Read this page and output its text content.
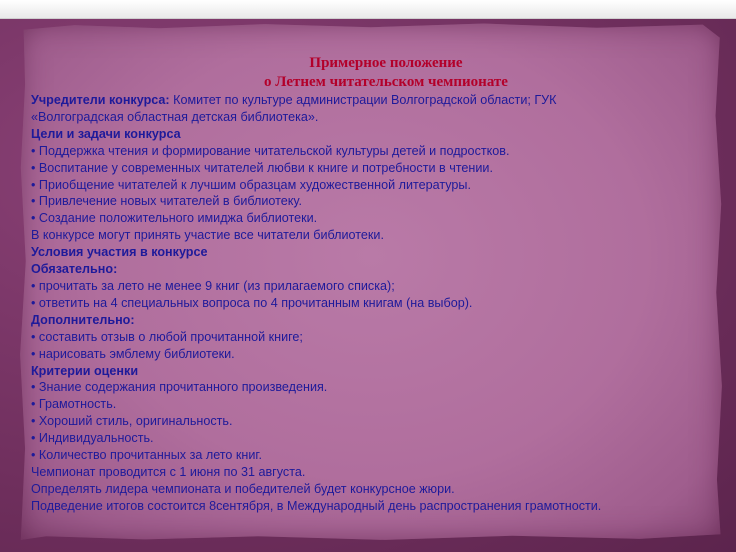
Примерное положение
о Летнем читательском чемпионате
Учредители конкурса: Комитет по культуре администрации Волгоградской области; ГУК
«Волгоградская областная детская библиотека».
Цели и задачи конкурса
• Поддержка чтения и формирование читательской культуры детей и подростков.
• Воспитание у современных читателей любви к книге и потребности в чтении.
• Приобщение читателей к лучшим образцам художественной литературы.
• Привлечение новых читателей в библиотеку.
• Создание положительного имиджа библиотеки.
В конкурсе могут принять участие все читатели библиотеки.
Условия участия в конкурсе
Обязательно:
• прочитать за лето не менее 9 книг (из прилагаемого списка);
• ответить на 4 специальных вопроса по 4 прочитанным книгам (на выбор).
Дополнительно:
• составить отзыв о любой прочитанной книге;
• нарисовать эмблему библиотеки.
Критерии оценки
• Знание содержания прочитанного произведения.
• Грамотность.
• Хороший стиль, оригинальность.
• Индивидуальность.
• Количество прочитанных за лето книг.
Чемпионат проводится с 1 июня по 31 августа.
Определять лидера чемпионата и победителей будет конкурсное жюри.
Подведение итогов состоится 8сентября, в Международный день распространения грамотности.
